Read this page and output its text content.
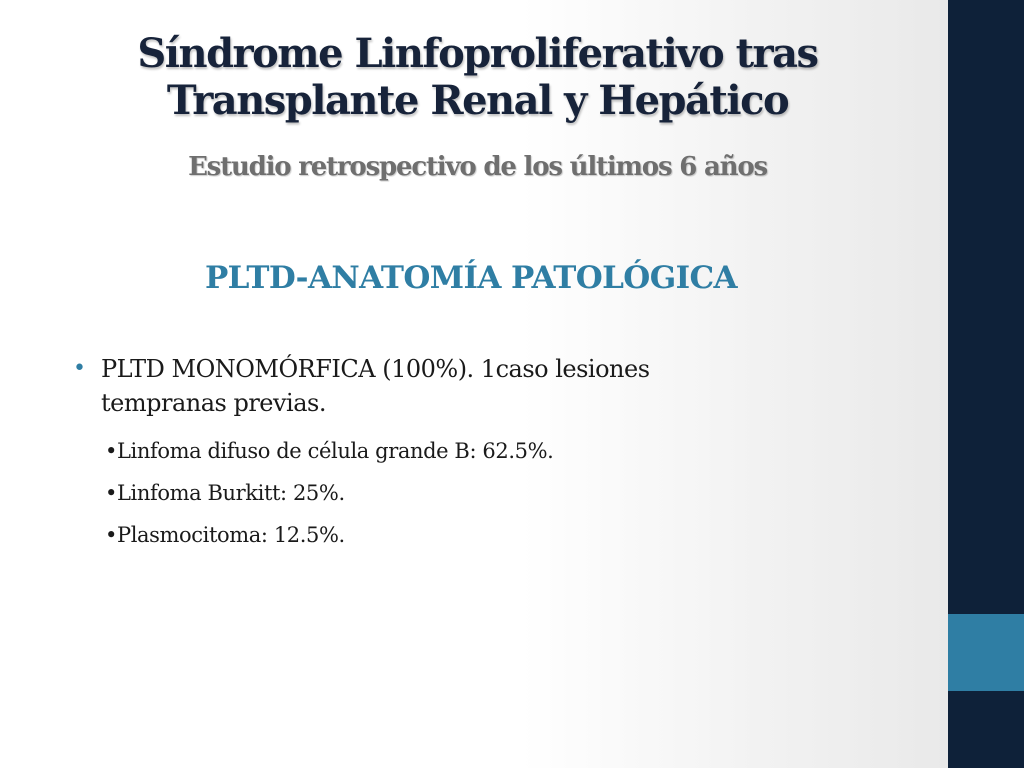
Síndrome Linfoproliferativo tras
Transplante Renal y Hepático
Estudio retrospectivo de los últimos 6 años
PLTD-ANATOMÍA PATOLÓGICA
• PLTD MONOMÓRFICA (100%). 1caso lesiones
tempranas previas.
•Linfoma difuso de célula grande B: 62.5%.
•Linfoma Burkitt: 25%.
•Plasmocitoma: 12.5%.
